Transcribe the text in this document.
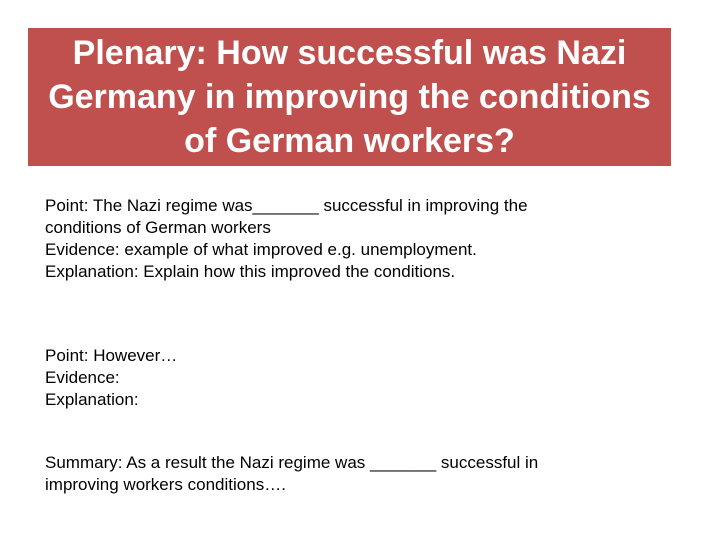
Plenary: How successful was Nazi
Germany in improving the conditions
of German workers?

Point: The Nazi regime was_______ successful in improving the

conditions of German workers

Evidence: example of what improved e.g. unemployment.

Explanation: Explain how this improved the conditions.

Point: However…

Evidence:

Explanation:

Summary: As a result the Nazi regime was _______ successful in

improving workers conditions….
